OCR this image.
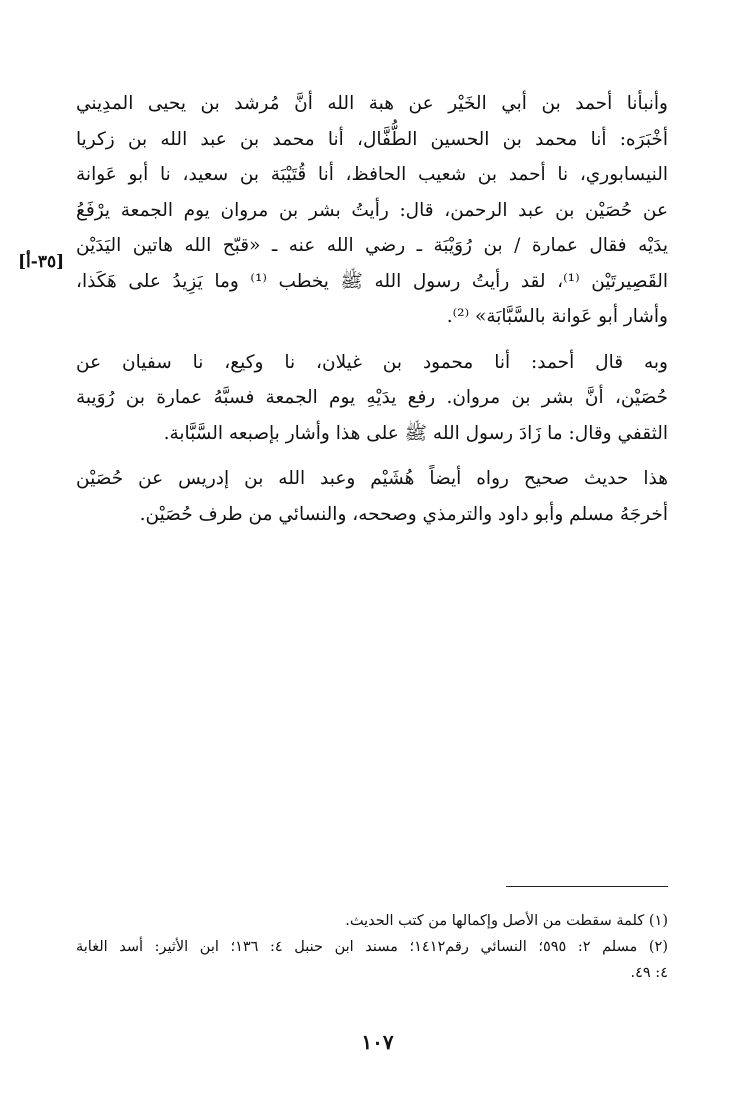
وأنبأنا أحمد بن أبي الخَيْر عن هبة الله أنَّ مُرشد بن يحيى المدِيني

أخْبَرَه: أنا محمد بن الحسين الطُّفَّال، أنا محمد بن عبد الله بن زكريا

النيسابوري، نا أحمد بن شعيب الحافظ، أنا قُتَيْبَة بن سعيد، نا أبو عَوانة

عن حُصَيْن بن عبد الرحمن، قال: رأيتُ بشر بن مروان يوم الجمعة يرْفَعُ

يدَيْه فقال عمارة / بن رُوَيْبَة ـ رضي الله عنه ـ «قبّح الله هاتين اليَدَيْن

القَصِيرتَيْن ⁽¹⁾، لقد رأيتُ رسول الله ﷺ يخطب ⁽¹⁾ وما يَزِيدُ على هَكَذا،

وأشار أبو عَوانة بالسَّبَّابَة» ⁽²⁾.

وبه قال أحمد: أنا محمود بن غيلان، نا وكيع، نا سفيان عن

حُصَيْن، أنَّ بشر بن مروان. رفع يدَيْهِ يوم الجمعة فسبَّهُ عمارة بن رُوَيبة

الثقفي وقال: ما زَادَ رسول الله ﷺ على هذا وأشار بإصبعه السَّبَّابة.

هذا حديث صحيح رواه أيضاً هُشَيْم وعبد الله بن إدريس عن حُصَيْن

أخرجَهُ مسلم وأبو داود والترمذي وصححه، والنسائي من طرف حُصَيْن.

[٣٥-أ]

(١) كلمة سقطت من الأصل وإكمالها من كتب الحديث.

(٢) مسلم ٢: ٥٩٥؛ النسائي رقم١٤١٢؛ مسند ابن حنبل ٤: ١٣٦؛ ابن الأثير: أسد الغابة

٤: ٤٩.

١٠٧
